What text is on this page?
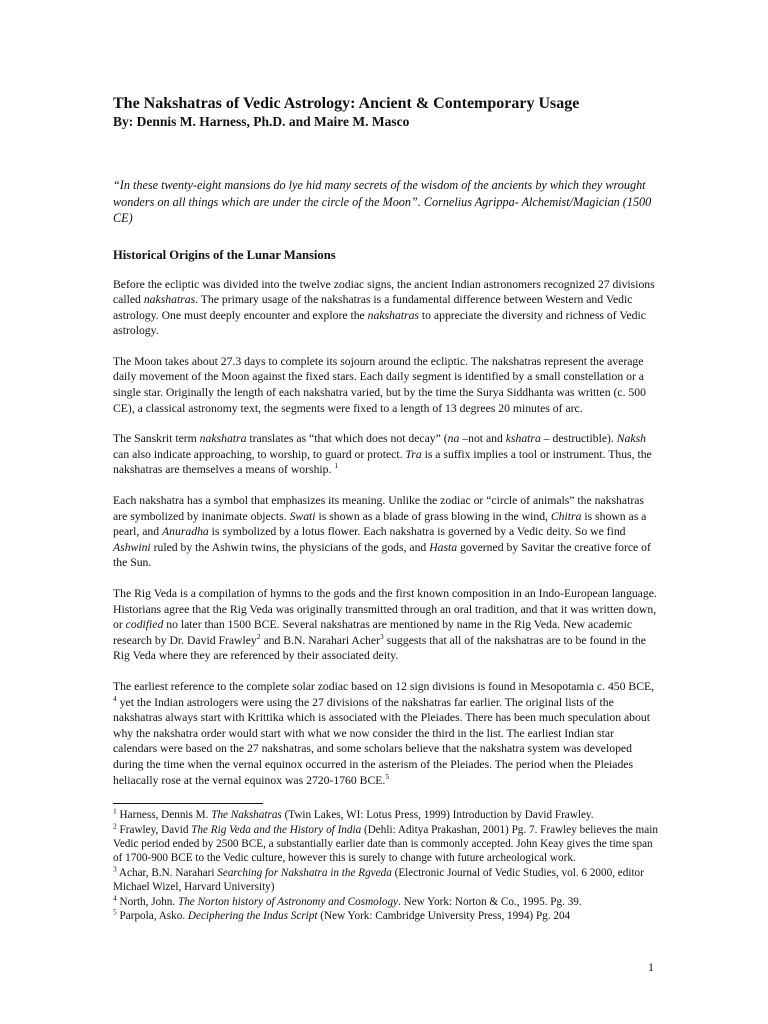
The Nakshatras of Vedic Astrology: Ancient & Contemporary Usage
By: Dennis M. Harness, Ph.D. and Maire M. Masco
“In these twenty-eight mansions do lye hid many secrets of the wisdom of the ancients by which they wrought wonders on all things which are under the circle of the Moon”. Cornelius Agrippa- Alchemist/Magician (1500 CE)
Historical Origins of the Lunar Mansions

Before the ecliptic was divided into the twelve zodiac signs, the ancient Indian astronomers recognized 27 divisions called nakshatras. The primary usage of the nakshatras is a fundamental difference between Western and Vedic astrology. One must deeply encounter and explore the nakshatras to appreciate the diversity and richness of Vedic astrology.

The Moon takes about 27.3 days to complete its sojourn around the ecliptic. The nakshatras represent the average daily movement of the Moon against the fixed stars. Each daily segment is identified by a small constellation or a single star. Originally the length of each nakshatra varied, but by the time the Surya Siddhanta was written (c. 500 CE), a classical astronomy text, the segments were fixed to a length of 13 degrees 20 minutes of arc.

The Sanskrit term nakshatra translates as “that which does not decay” (na –not and kshatra – destructible). Naksh can also indicate approaching, to worship, to guard or protect. Tra is a suffix implies a tool or instrument. Thus, the nakshatras are themselves a means of worship. $^1$

Each nakshatra has a symbol that emphasizes its meaning. Unlike the zodiac or “circle of animals” the nakshatras are symbolized by inanimate objects. Swati is shown as a blade of grass blowing in the wind, Chitra is shown as a pearl, and Anuradha is symbolized by a lotus flower. Each nakshatra is governed by a Vedic deity. So we find Ashwini ruled by the Ashwin twins, the physicians of the gods, and Hasta governed by Savitar the creative force of the Sun.

The Rig Veda is a compilation of hymns to the gods and the first known composition in an Indo-European language. Historians agree that the Rig Veda was originally transmitted through an oral tradition, and that it was written down, or codified no later than 1500 BCE. Several nakshatras are mentioned by name in the Rig Veda. New academic research by Dr. David Frawley$^2$ and B.N. Narahari Acher$^3$ suggests that all of the nakshatras are to be found in the Rig Veda where they are referenced by their associated deity.

The earliest reference to the complete solar zodiac based on 12 sign divisions is found in Mesopotamia c. 450 BCE, $^4$ yet the Indian astrologers were using the 27 divisions of the nakshatras far earlier. The original lists of the nakshatras always start with Krittika which is associated with the Pleiades. There has been much speculation about why the nakshatra order would start with what we now consider the third in the list. The earliest Indian star calendars were based on the 27 nakshatras, and some scholars believe that the nakshatra system was developed during the time when the vernal equinox occurred in the asterism of the Pleiades. The period when the Pleiades heliacally rose at the vernal equinox was 2720-1760 BCE.$^5$

$^1$ Harness, Dennis M. The Nakshatras (Twin Lakes, WI: Lotus Press, 1999) Introduction by David Frawley.
$^2$ Frawley, David The Rig Veda and the History of India (Dehli: Aditya Prakashan, 2001) Pg. 7. Frawley believes the main Vedic period ended by 2500 BCE, a substantially earlier date than is commonly accepted. John Keay gives the time span of 1700-900 BCE to the Vedic culture, however this is surely to change with future archeological work.
$^3$ Achar, B.N. Narahari Searching for Nakshatra in the Rgveda (Electronic Journal of Vedic Studies, vol. 6 2000, editor Michael Wizel, Harvard University)
$^4$ North, John. The Norton history of Astronomy and Cosmology. New York: Norton & Co., 1995. Pg. 39.
$^5$ Parpola, Asko. Deciphering the Indus Script (New York: Cambridge University Press, 1994) Pg. 204
1
